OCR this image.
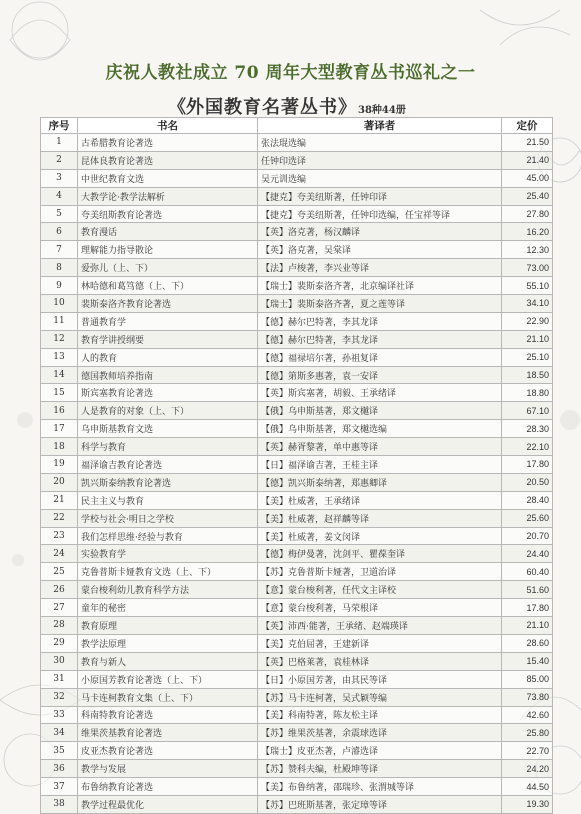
庆祝人教社成立 70 周年大型教育丛书巡礼之一
《外国教育名著丛书》 38种44册
序号	书名	著译者	定价
1	古希腊教育论著选	张法琨选编	21.50
2	昆体良教育论著选	任钟印选译	21.40
3	中世纪教育文选	吴元训选编	45.00
4	大教学论·教学法解析	【捷克】夸美纽斯著，任钟印译	25.40
5	夸美纽斯教育论著选	【捷克】夸美纽斯著，任钟印选编，任宝祥等译	27.80
6	教育漫话	【英】洛克著，杨汉麟译	16.20
7	理解能力指导散论	【英】洛克著，吴棠译	12.30
8	爱弥儿（上、下）	【法】卢梭著，李兴业等译	73.00
9	林哈德和葛笃德（上、下）	【瑞士】裴斯泰洛齐著，北京编译社译	55.10
10	裴斯泰洛齐教育论著选	【瑞士】裴斯泰洛齐著，夏之莲等译	34.10
11	普通教育学	【德】赫尔巴特著，李其龙译	22.90
12	教育学讲授纲要	【德】赫尔巴特著，李其龙译	21.10
13	人的教育	【德】福禄培尔著，孙祖复译	25.10
14	德国教师培养指南	【德】第斯多惠著，袁一安译	18.50
15	斯宾塞教育论著选	【英】斯宾塞著，胡毅、王承绪译	18.80
16	人是教育的对象（上、下）	【俄】乌申斯基著，郑文樾译	67.10
17	乌申斯基教育文选	【俄】乌申斯基著，郑文樾选编	28.30
18	科学与教育	【英】赫胥黎著，单中惠等译	22.10
19	福泽谕吉教育论著选	【日】福泽谕吉著，王桂主译	17.80
20	凯兴斯泰纳教育论著选	【德】凯兴斯泰纳著，郑惠卿译	20.50
21	民主主义与教育	【美】杜威著，王承绪译	28.40
22	学校与社会·明日之学校	【美】杜威著，赵祥麟等译	25.60
23	我们怎样思维·经验与教育	【美】杜威著，姜文闵译	20.70
24	实验教育学	【德】梅伊曼著，沈剑平、瞿葆奎译	24.40
25	克鲁普斯卡娅教育文选（上、下）	【苏】克鲁普斯卡娅著，卫道治译	60.40
26	蒙台梭利幼儿教育科学方法	【意】蒙台梭利著，任代文主译校	51.60
27	童年的秘密	【意】蒙台梭利著，马荣根译	17.80
28	教育原理	【英】沛西·能著，王承绪、赵端瑛译	21.10
29	教学法原理	【美】克伯屈著，王建新译	28.60
30	教育与新人	【英】巴格莱著，袁桂林译	15.40
31	小原国芳教育论著选（上、下）	【日】小原国芳著，由其民等译	85.00
32	马卡连柯教育文集（上、下）	【苏】马卡连柯著，吴式颖等编	73.80
33	科南特教育论著选	【美】科南特著，陈友松主译	42.60
34	维果茨基教育论著选	【苏】维果茨基著，余震球选译	25.80
35	皮亚杰教育论著选	【瑞士】皮亚杰著，卢濬选译	22.70
36	教学与发展	【苏】赞科夫编，杜殿坤等译	24.20
37	布鲁纳教育论著选	【美】布鲁纳著，邵瑞珍、张渭城等译	44.50
38	教学过程最优化	【苏】巴班斯基著，张定璋等译	19.30
